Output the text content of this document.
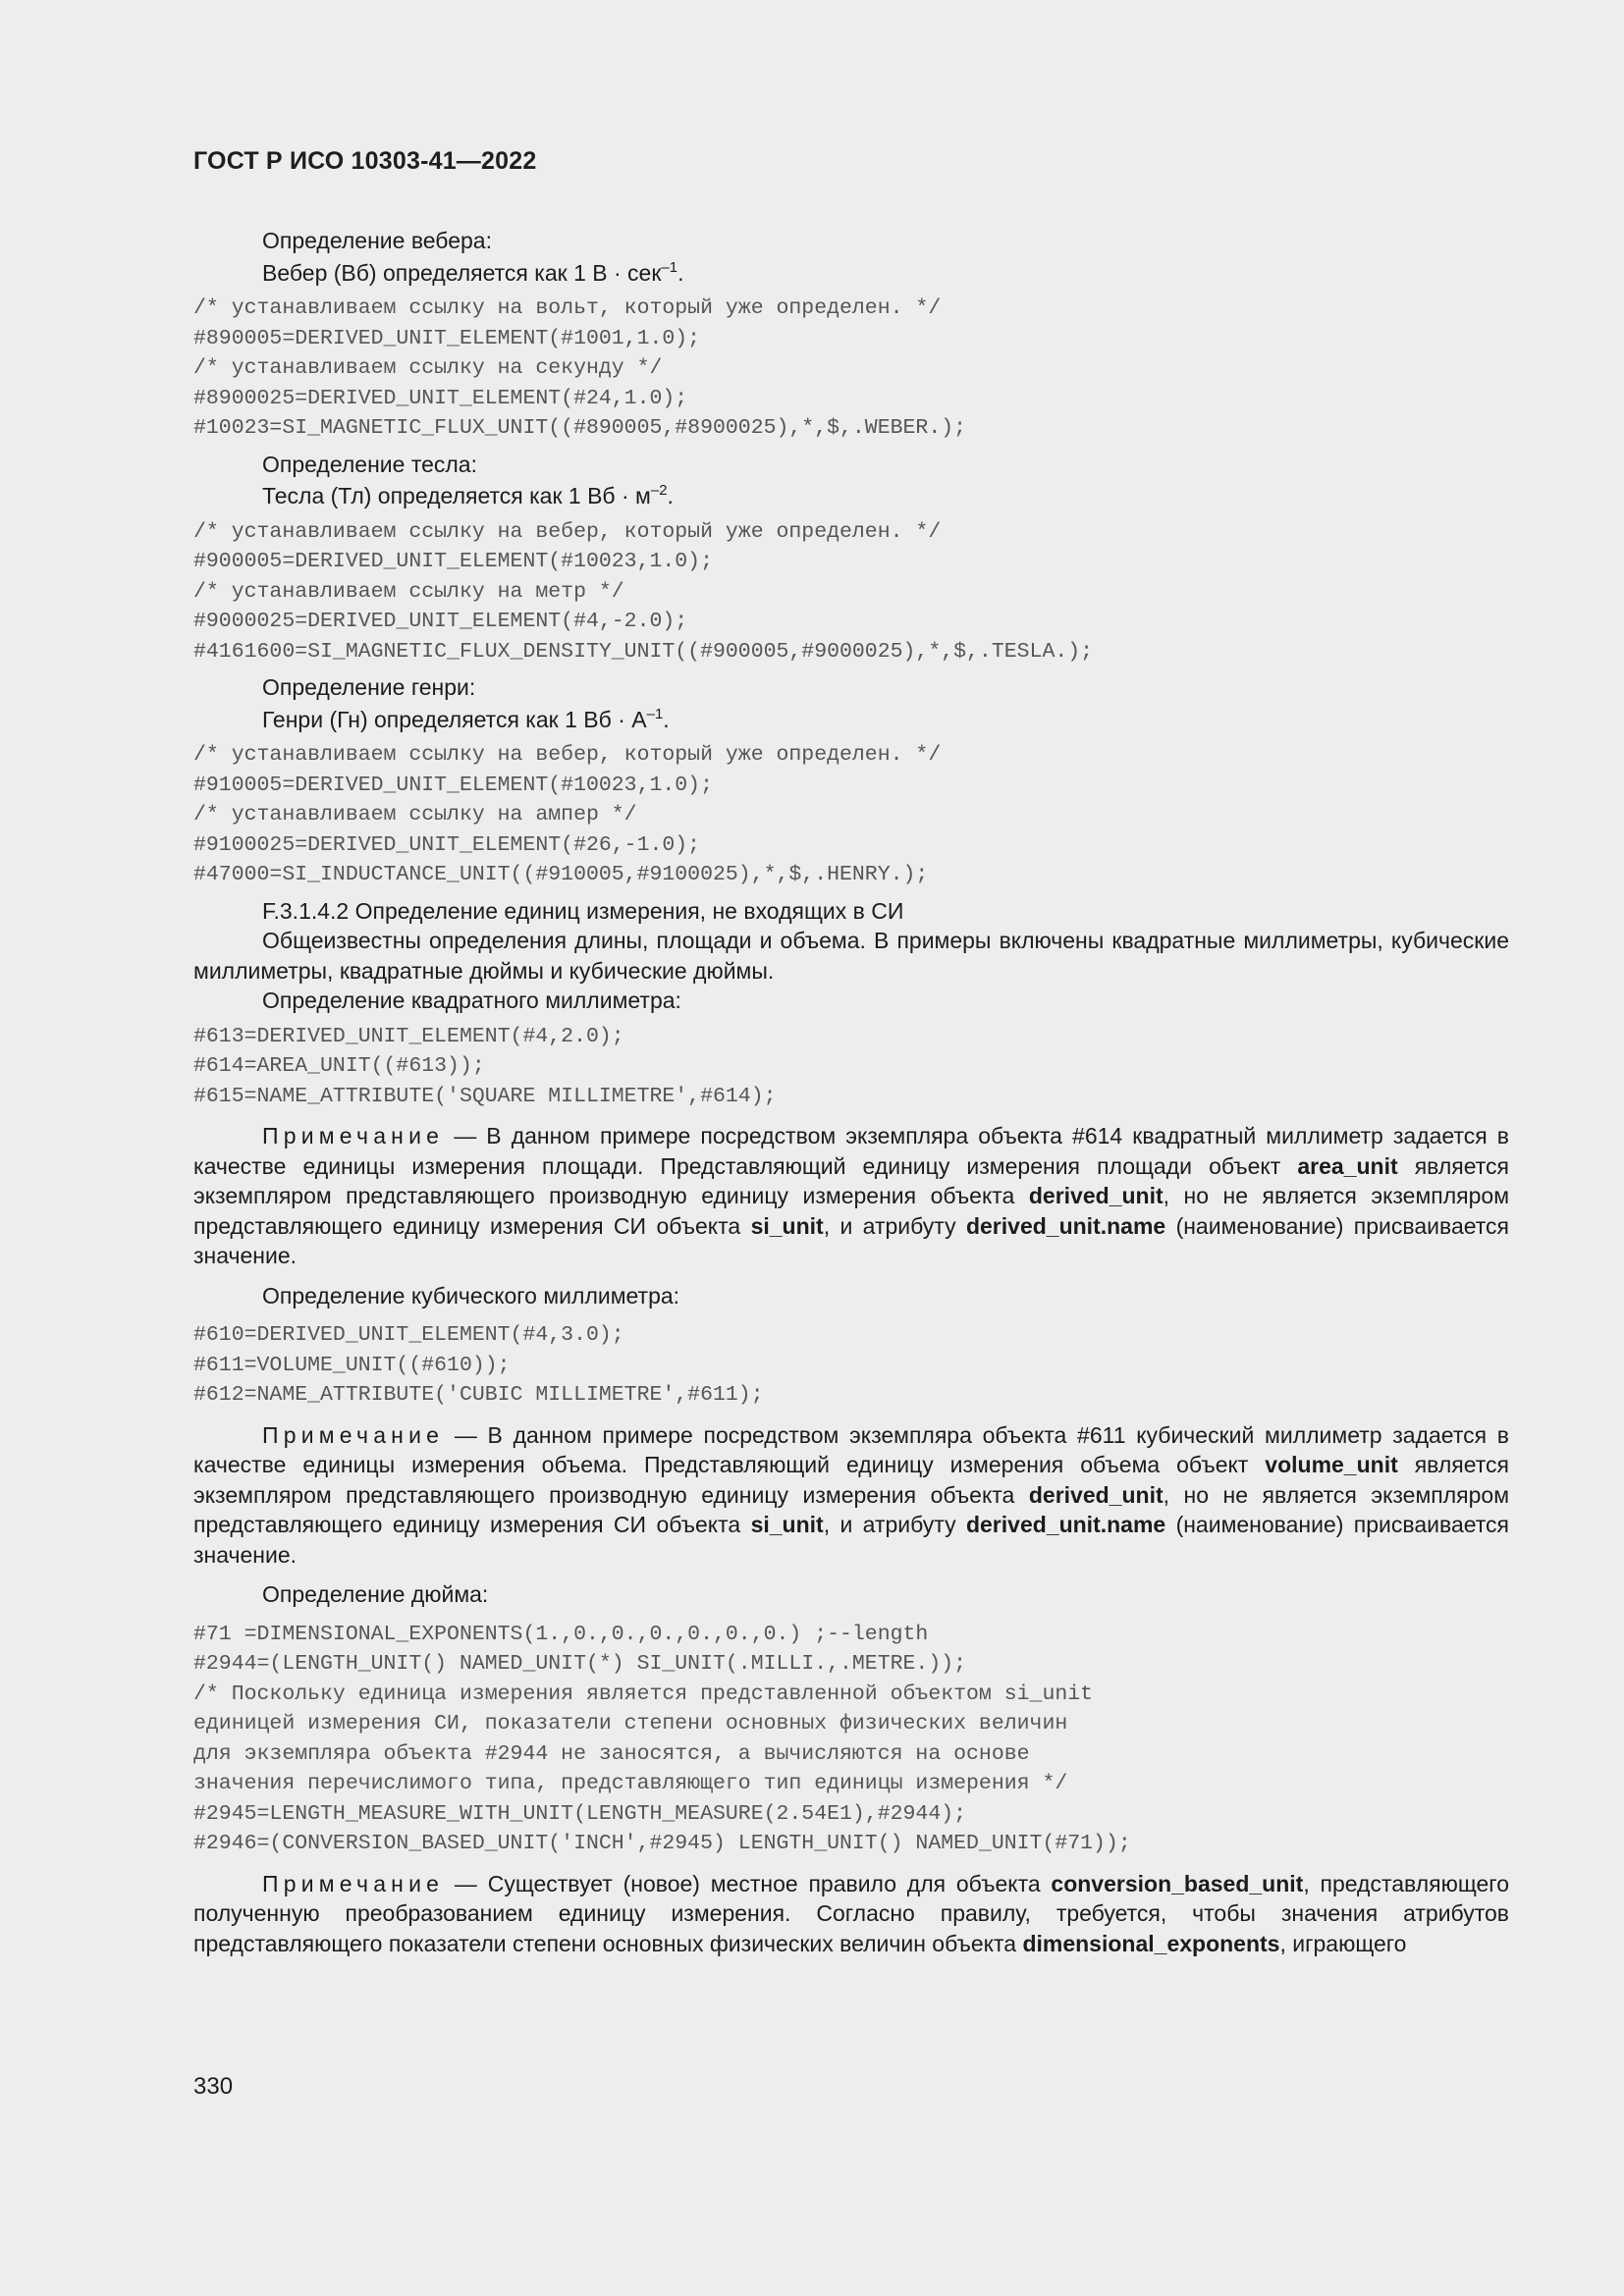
ГОСТ Р ИСО 10303-41—2022

Определение вебера:

Вебер (Вб) определяется как 1 В · сек$^{-1}$.

/* устанавливаем ссылку на вольт, который уже определен. */
#890005=DERIVED_UNIT_ELEMENT(#1001,1.0);
/* устанавливаем ссылку на секунду */
#8900025=DERIVED_UNIT_ELEMENT(#24,1.0);
#10023=SI_MAGNETIC_FLUX_UNIT((#890005,#8900025),*,$,.WEBER.);

Определение тесла:

Тесла (Тл) определяется как 1 Вб · $м^{-2}$.

/* устанавливаем ссылку на вебер, который уже определен. */
#900005=DERIVED_UNIT_ELEMENT(#10023,1.0);
/* устанавливаем ссылку на метр */
#9000025=DERIVED_UNIT_ELEMENT(#4,-2.0);
#4161600=SI_MAGNETIC_FLUX_DENSITY_UNIT((#900005,#9000025),*,$,.TESLA.);

Определение генри:

Генри (Гн) определяется как 1 Вб · $А^{-1}$.

/* устанавливаем ссылку на вебер, который уже определен. */
#910005=DERIVED_UNIT_ELEMENT(#10023,1.0);
/* устанавливаем ссылку на ампер */
#9100025=DERIVED_UNIT_ELEMENT(#26,-1.0);
#47000=SI_INDUCTANCE_UNIT((#910005,#9100025),*,$,.HENRY.);

F.3.1.4.2 Определение единиц измерения, не входящих в СИ

Общеизвестны определения длины, площади и объема. В примеры включены квадратные миллиметры, кубические миллиметры, квадратные дюймы и кубические дюймы.

Определение квадратного миллиметра:

#613=DERIVED_UNIT_ELEMENT(#4,2.0);
#614=AREA_UNIT((#613));
#615=NAME_ATTRIBUTE('SQUARE MILLIMETRE',#614);

Примечание — В данном примере посредством экземпляра объекта #614 квадратный миллиметр задается в качестве единицы измерения площади. Представляющий единицу измерения площади объект area_unit является экземпляром представляющего производную единицу измерения объекта derived_unit, но не является экземпляром представляющего единицу измерения СИ объекта si_unit, и атрибуту derived_unit.name (наименование) присваивается значение.

Определение кубического миллиметра:

#610=DERIVED_UNIT_ELEMENT(#4,3.0);
#611=VOLUME_UNIT((#610));
#612=NAME_ATTRIBUTE('CUBIC MILLIMETRE',#611);

Примечание — В данном примере посредством экземпляра объекта #611 кубический миллиметр задается в качестве единицы измерения объема. Представляющий единицу измерения объема объект volume_unit является экземпляром представляющего производную единицу измерения объекта derived_unit, но не является экземпляром представляющего единицу измерения СИ объекта si_unit, и атрибуту derived_unit.name (наименование) присваивается значение.

Определение дюйма:

#71 =DIMENSIONAL_EXPONENTS(1.,0.,0.,0.,0.,0.,0.) ;--length
#2944=(LENGTH_UNIT() NAMED_UNIT(*) SI_UNIT(.MILLI.,.METRE.));
/* Поскольку единица измерения является представленной объектом si_unit
единицей измерения СИ, показатели степени основных физических величин
для экземпляра объекта #2944 не заносятся, а вычисляются на основе
значения перечислимого типа, представляющего тип единицы измерения */
#2945=LENGTH_MEASURE_WITH_UNIT(LENGTH_MEASURE(2.54E1),#2944);
#2946=(CONVERSION_BASED_UNIT('INCH',#2945) LENGTH_UNIT() NAMED_UNIT(#71));

Примечание — Существует (новое) местное правило для объекта conversion_based_unit, представляющего полученную преобразованием единицу измерения. Согласно правилу, требуется, чтобы значения атрибутов представляющего показатели степени основных физических величин объекта dimensional_exponents, играющего

330
